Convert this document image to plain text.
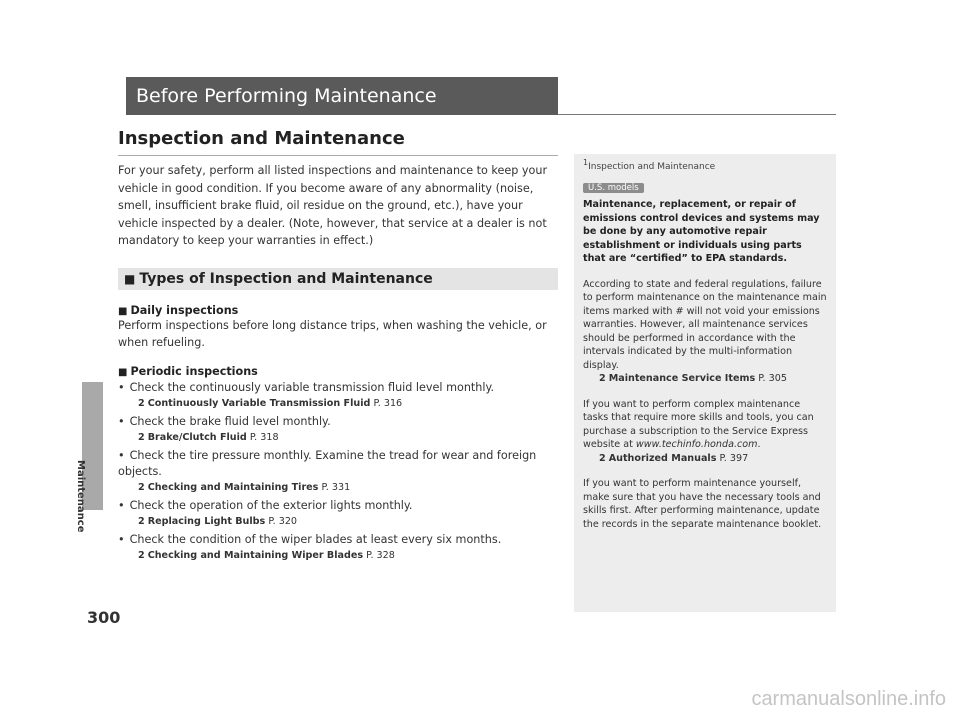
Maintenance
300
Before Performing Maintenance
Inspection and Maintenance

For your safety, perform all listed inspections and maintenance to keep your vehicle in good condition. If you become aware of any abnormality (noise, smell, insufficient brake fluid, oil residue on the ground, etc.), have your vehicle inspected by a dealer. (Note, however, that service at a dealer is not mandatory to keep your warranties in effect.)

■ Types of Inspection and Maintenance

■ Daily inspections

Perform inspections before long distance trips, when washing the vehicle, or when refueling.

■ Periodic inspections

• Check the continuously variable transmission fluid level monthly.

2 Continuously Variable Transmission Fluid P. 316

• Check the brake fluid level monthly.

2 Brake/Clutch Fluid P. 318

• Check the tire pressure monthly. Examine the tread for wear and foreign objects.

2 Checking and Maintaining Tires P. 331

• Check the operation of the exterior lights monthly.

2 Replacing Light Bulbs P. 320

• Check the condition of the wiper blades at least every six months.

2 Checking and Maintaining Wiper Blades P. 328

1Inspection and Maintenance

U.S. models

Maintenance, replacement, or repair of emissions control devices and systems may be done by any automotive repair establishment or individuals using parts that are “certified” to EPA standards.

According to state and federal regulations, failure to perform maintenance on the maintenance main items marked with # will not void your emissions warranties. However, all maintenance services should be performed in accordance with the intervals indicated by the multi-information display.

2 Maintenance Service Items P. 305

If you want to perform complex maintenance tasks that require more skills and tools, you can purchase a subscription to the Service Express website at www.techinfo.honda.com.

2 Authorized Manuals P. 397

If you want to perform maintenance yourself, make sure that you have the necessary tools and skills first. After performing maintenance, update the records in the separate maintenance booklet.

carmanualsonline.info
